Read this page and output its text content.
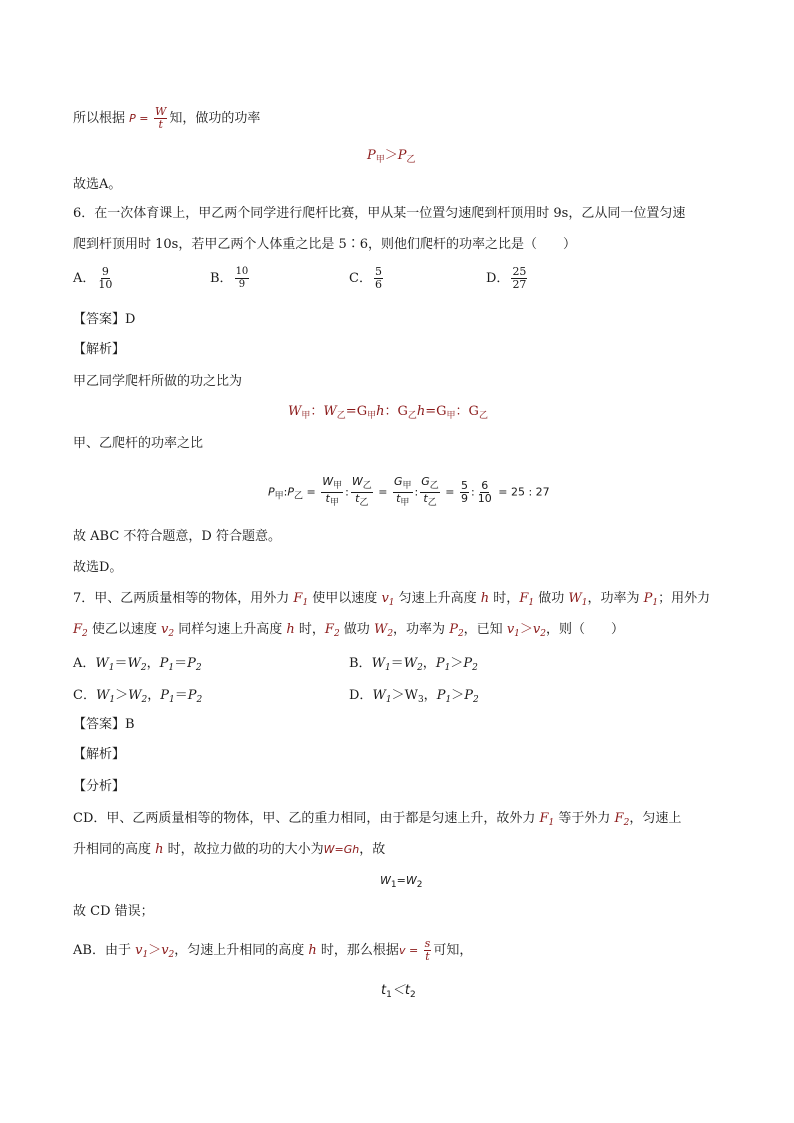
所以根据 $P = \frac{W}{t}$ 知，做功的功率
$P_甲>P_乙$
故选A。
6．在一次体育课上，甲乙两个同学进行爬杆比赛，甲从某一位置匀速爬到杆顶用时 9s，乙从同一位置匀速
爬到杆顶用时 10s，若甲乙两个人体重之比是 5∶6，则他们爬杆的功率之比是（　　）
A． $\frac{9}{10}$	B． $\frac{10}{9}$	C． $\frac{5}{6}$	D． $\frac{25}{27}$
【答案】D
【解析】
甲乙同学爬杆所做的功之比为
$W_甲$：$W_乙=G_甲h$：$G_乙h=G_甲$：$G_乙$
甲、乙爬杆的功率之比
$P_甲:P_乙 = \frac{W_甲}{t_甲}$ : $\frac{W_乙}{t_乙} = \frac{G_甲}{t_甲}$ : $\frac{G_乙}{t_乙} = \frac{5}{9}$ : $\frac{6}{10} = 25$ : 27
故 ABC 不符合题意，D 符合题意。
故选D。
7．甲、乙两质量相等的物体，用外力 $F_1$ 使甲以速度 $v_1$ 匀速上升高度 h 时，$F_1$ 做功 $W_1$，功率为 $P_1$；用外力
$F_2$ 使乙以速度 $v_2$ 同样匀速上升高度 h 时，$F_2$ 做功 $W_2$，功率为 $P_2$，已知 $v_1>v_2$，则（　　）
A．$W_1=W_2$，$P_1=P_2$	B．$W_1=W_2$，$P_1>P_2$
C．$W_1>W_2$，$P_1=P_2$	D．$W_1>W_3$，$P_1>P_2$
【答案】B
【解析】
【分析】
CD．甲、乙两质量相等的物体，甲、乙的重力相同，由于都是匀速上升，故外力 $F_1$ 等于外力 $F_2$，匀速上
升相同的高度 h 时，故拉力做的功的大小为W=Gh，故
$W_1=W_2$
故 CD 错误；
AB．由于 $v_1>v_2$，匀速上升相同的高度 h 时，那么根据$v = \frac{s}{t}$ 可知，
$t_1<t_2$
